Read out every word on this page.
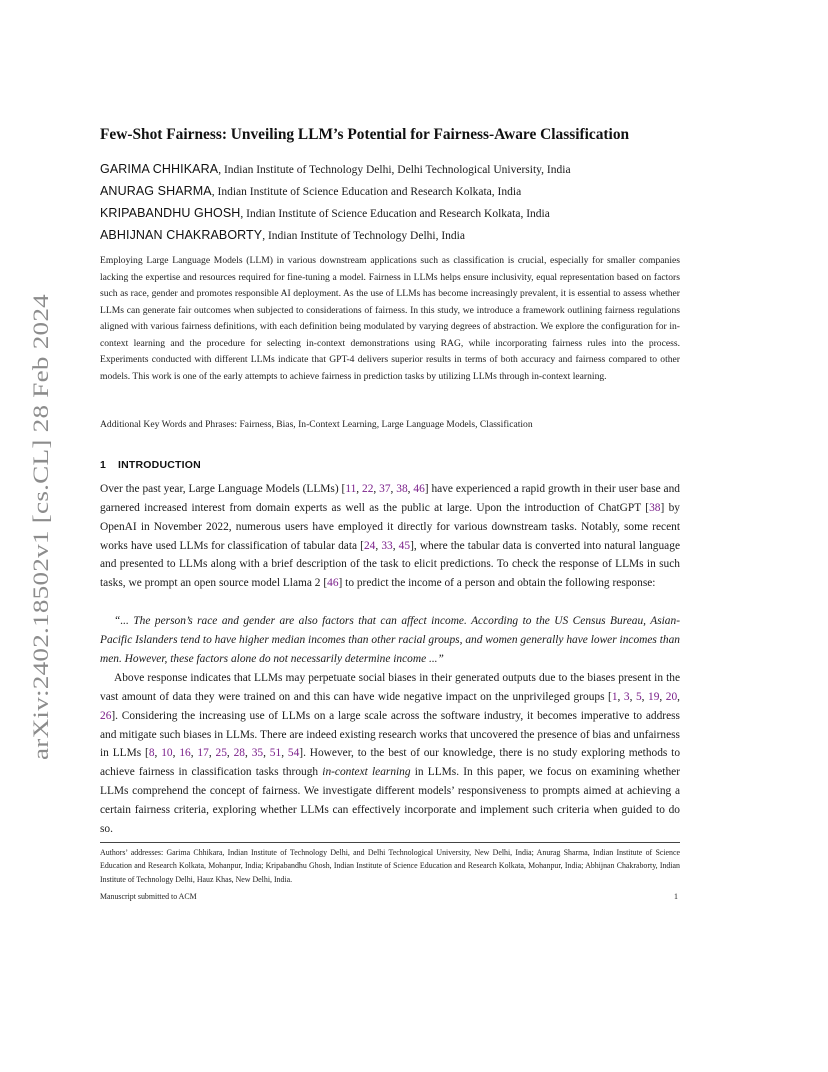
arXiv:2402.18502v1 [cs.CL] 28 Feb 2024
Few-Shot Fairness: Unveiling LLM’s Potential for Fairness-Aware Classification
GARIMA CHHIKARA, Indian Institute of Technology Delhi, Delhi Technological University, India
ANURAG SHARMA, Indian Institute of Science Education and Research Kolkata, India
KRIPABANDHU GHOSH, Indian Institute of Science Education and Research Kolkata, India
ABHIJNAN CHAKRABORTY, Indian Institute of Technology Delhi, India

Employing Large Language Models (LLM) in various downstream applications such as classification is crucial, especially for smaller companies lacking the expertise and resources required for fine-tuning a model. Fairness in LLMs helps ensure inclusivity, equal representation based on factors such as race, gender and promotes responsible AI deployment. As the use of LLMs has become increasingly prevalent, it is essential to assess whether LLMs can generate fair outcomes when subjected to considerations of fairness. In this study, we introduce a framework outlining fairness regulations aligned with various fairness definitions, with each definition being modulated by varying degrees of abstraction. We explore the configuration for in-context learning and the procedure for selecting in-context demonstrations using RAG, while incorporating fairness rules into the process. Experiments conducted with different LLMs indicate that GPT-4 delivers superior results in terms of both accuracy and fairness compared to other models. This work is one of the early attempts to achieve fairness in prediction tasks by utilizing LLMs through in-context learning.

Additional Key Words and Phrases: Fairness, Bias, In-Context Learning, Large Language Models, Classification

1 INTRODUCTION

Over the past year, Large Language Models (LLMs) [11, 22, 37, 38, 46] have experienced a rapid growth in their user base and garnered increased interest from domain experts as well as the public at large. Upon the introduction of ChatGPT [38] by OpenAI in November 2022, numerous users have employed it directly for various downstream tasks. Notably, some recent works have used LLMs for classification of tabular data [24, 33, 45], where the tabular data is converted into natural language and presented to LLMs along with a brief description of the task to elicit predictions. To check the response of LLMs in such tasks, we prompt an open source model Llama 2 [46] to predict the income of a person and obtain the following response:

“... The person’s race and gender are also factors that can affect income. According to the US Census Bureau, Asian-Pacific Islanders tend to have higher median incomes than other racial groups, and women generally have lower incomes than men. However, these factors alone do not necessarily determine income ...”

Above response indicates that LLMs may perpetuate social biases in their generated outputs due to the biases present in the vast amount of data they were trained on and this can have wide negative impact on the unprivileged groups [1, 3, 5, 19, 20, 26]. Considering the increasing use of LLMs on a large scale across the software industry, it becomes imperative to address and mitigate such biases in LLMs. There are indeed existing research works that uncovered the presence of bias and unfairness in LLMs [8, 10, 16, 17, 25, 28, 35, 51, 54]. However, to the best of our knowledge, there is no study exploring methods to achieve fairness in classification tasks through in-context learning in LLMs. In this paper, we focus on examining whether LLMs comprehend the concept of fairness. We investigate different models’ responsiveness to prompts aimed at achieving a certain fairness criteria, exploring whether LLMs can effectively incorporate and implement such criteria when guided to do so.

Authors’ addresses: Garima Chhikara, Indian Institute of Technology Delhi, and Delhi Technological University, New Delhi, India; Anurag Sharma, Indian Institute of Science Education and Research Kolkata, Mohanpur, India; Kripabandhu Ghosh, Indian Institute of Science Education and Research Kolkata, Mohanpur, India; Abhijnan Chakraborty, Indian Institute of Technology Delhi, Hauz Khas, New Delhi, India.

Manuscript submitted to ACM	1
